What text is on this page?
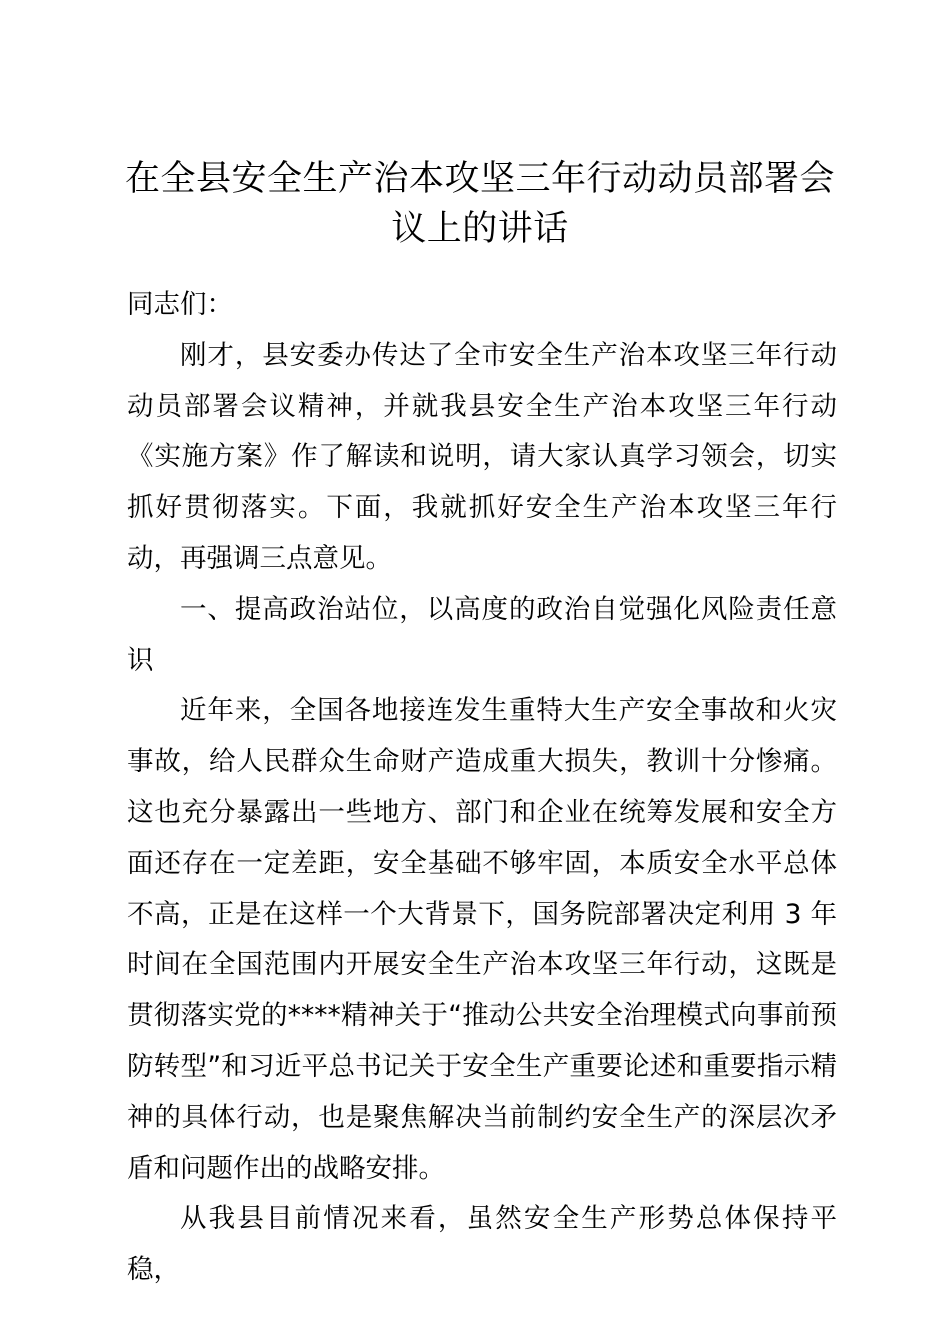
在全县安全生产治本攻坚三年行动动员部署会议上的讲话

同志们：

刚才，县安委办传达了全市安全生产治本攻坚三年行动动员部署会议精神，并就我县安全生产治本攻坚三年行动《实施方案》作了解读和说明，请大家认真学习领会，切实抓好贯彻落实。下面，我就抓好安全生产治本攻坚三年行动，再强调三点意见。

一、提高政治站位，以高度的政治自觉强化风险责任意识

近年来，全国各地接连发生重特大生产安全事故和火灾事故，给人民群众生命财产造成重大损失，教训十分惨痛。这也充分暴露出一些地方、部门和企业在统筹发展和安全方面还存在一定差距，安全基础不够牢固，本质安全水平总体不高，正是在这样一个大背景下，国务院部署决定利用 3 年时间在全国范围内开展安全生产治本攻坚三年行动，这既是贯彻落实党的****精神关于“推动公共安全治理模式向事前预防转型”和习近平总书记关于安全生产重要论述和重要指示精神的具体行动，也是聚焦解决当前制约安全生产的深层次矛盾和问题作出的战略安排。

从我县目前情况来看，虽然安全生产形势总体保持平稳，
